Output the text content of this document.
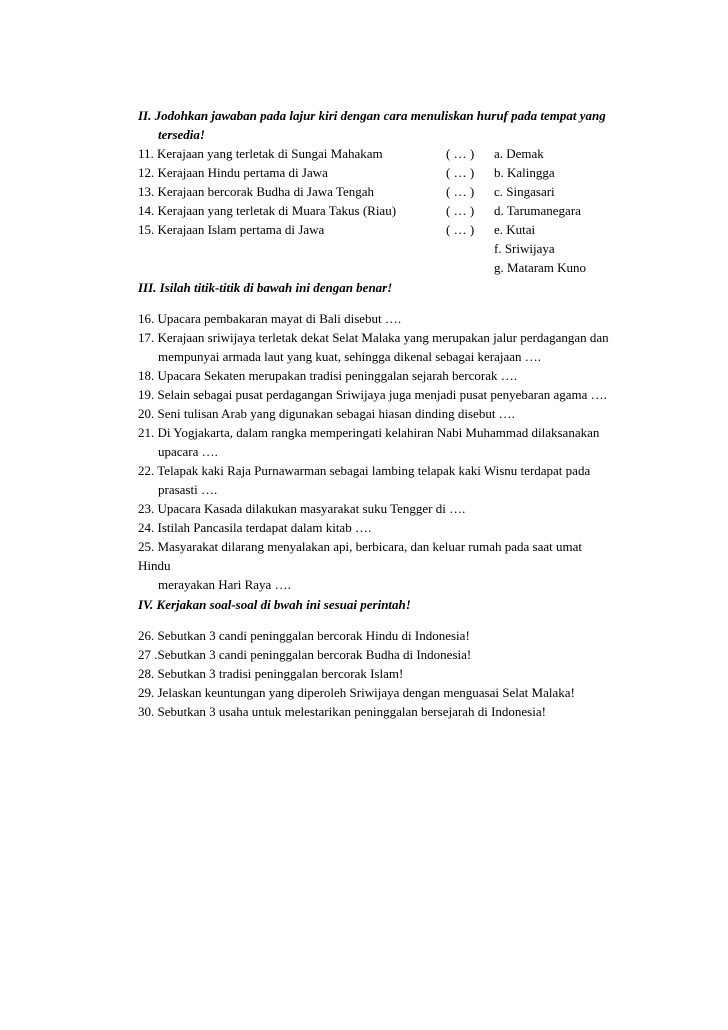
II. Jodohkan jawaban pada lajur kiri dengan cara menuliskan huruf pada tempat yang
tersedia!
11. Kerajaan yang terletak di Sungai Mahakam	( … ) a. Demak
12. Kerajaan Hindu pertama di Jawa	( … ) b. Kalingga
13. Kerajaan bercorak Budha di Jawa Tengah	( … ) c. Singasari
14. Kerajaan yang terletak di Muara Takus (Riau)	( … ) d. Tarumanegara
15. Kerajaan Islam pertama di Jawa	( … ) e. Kutai
f. Sriwijaya
g. Mataram Kuno
III. Isilah titik-titik di bawah ini dengan benar!
16. Upacara pembakaran mayat di Bali disebut ….
17. Kerajaan sriwijaya terletak dekat Selat Malaka yang merupakan jalur perdagangan dan
mempunyai armada laut yang kuat, sehingga dikenal sebagai kerajaan ….
18. Upacara Sekaten merupakan tradisi peninggalan sejarah bercorak ….
19. Selain sebagai pusat perdagangan Sriwijaya juga menjadi pusat penyebaran agama ….
20. Seni tulisan Arab yang digunakan sebagai hiasan dinding disebut ….
21. Di Yogjakarta, dalam rangka memperingati kelahiran Nabi Muhammad dilaksanakan
upacara ….
22. Telapak kaki Raja Purnawarman sebagai lambing telapak kaki Wisnu terdapat pada
prasasti ….
23. Upacara Kasada dilakukan masyarakat suku Tengger di ….
24. Istilah Pancasila terdapat dalam kitab ….
25. Masyarakat dilarang menyalakan api, berbicara, dan keluar rumah pada saat umat
Hindu
merayakan Hari Raya ….
IV. Kerjakan soal-soal di bwah ini sesuai perintah!
26. Sebutkan 3 candi peninggalan bercorak Hindu di Indonesia!
27 .Sebutkan 3 candi peninggalan bercorak Budha di Indonesia!
28. Sebutkan 3 tradisi peninggalan bercorak Islam!
29. Jelaskan keuntungan yang diperoleh Sriwijaya dengan menguasai Selat Malaka!
30. Sebutkan 3 usaha untuk melestarikan peninggalan bersejarah di Indonesia!
